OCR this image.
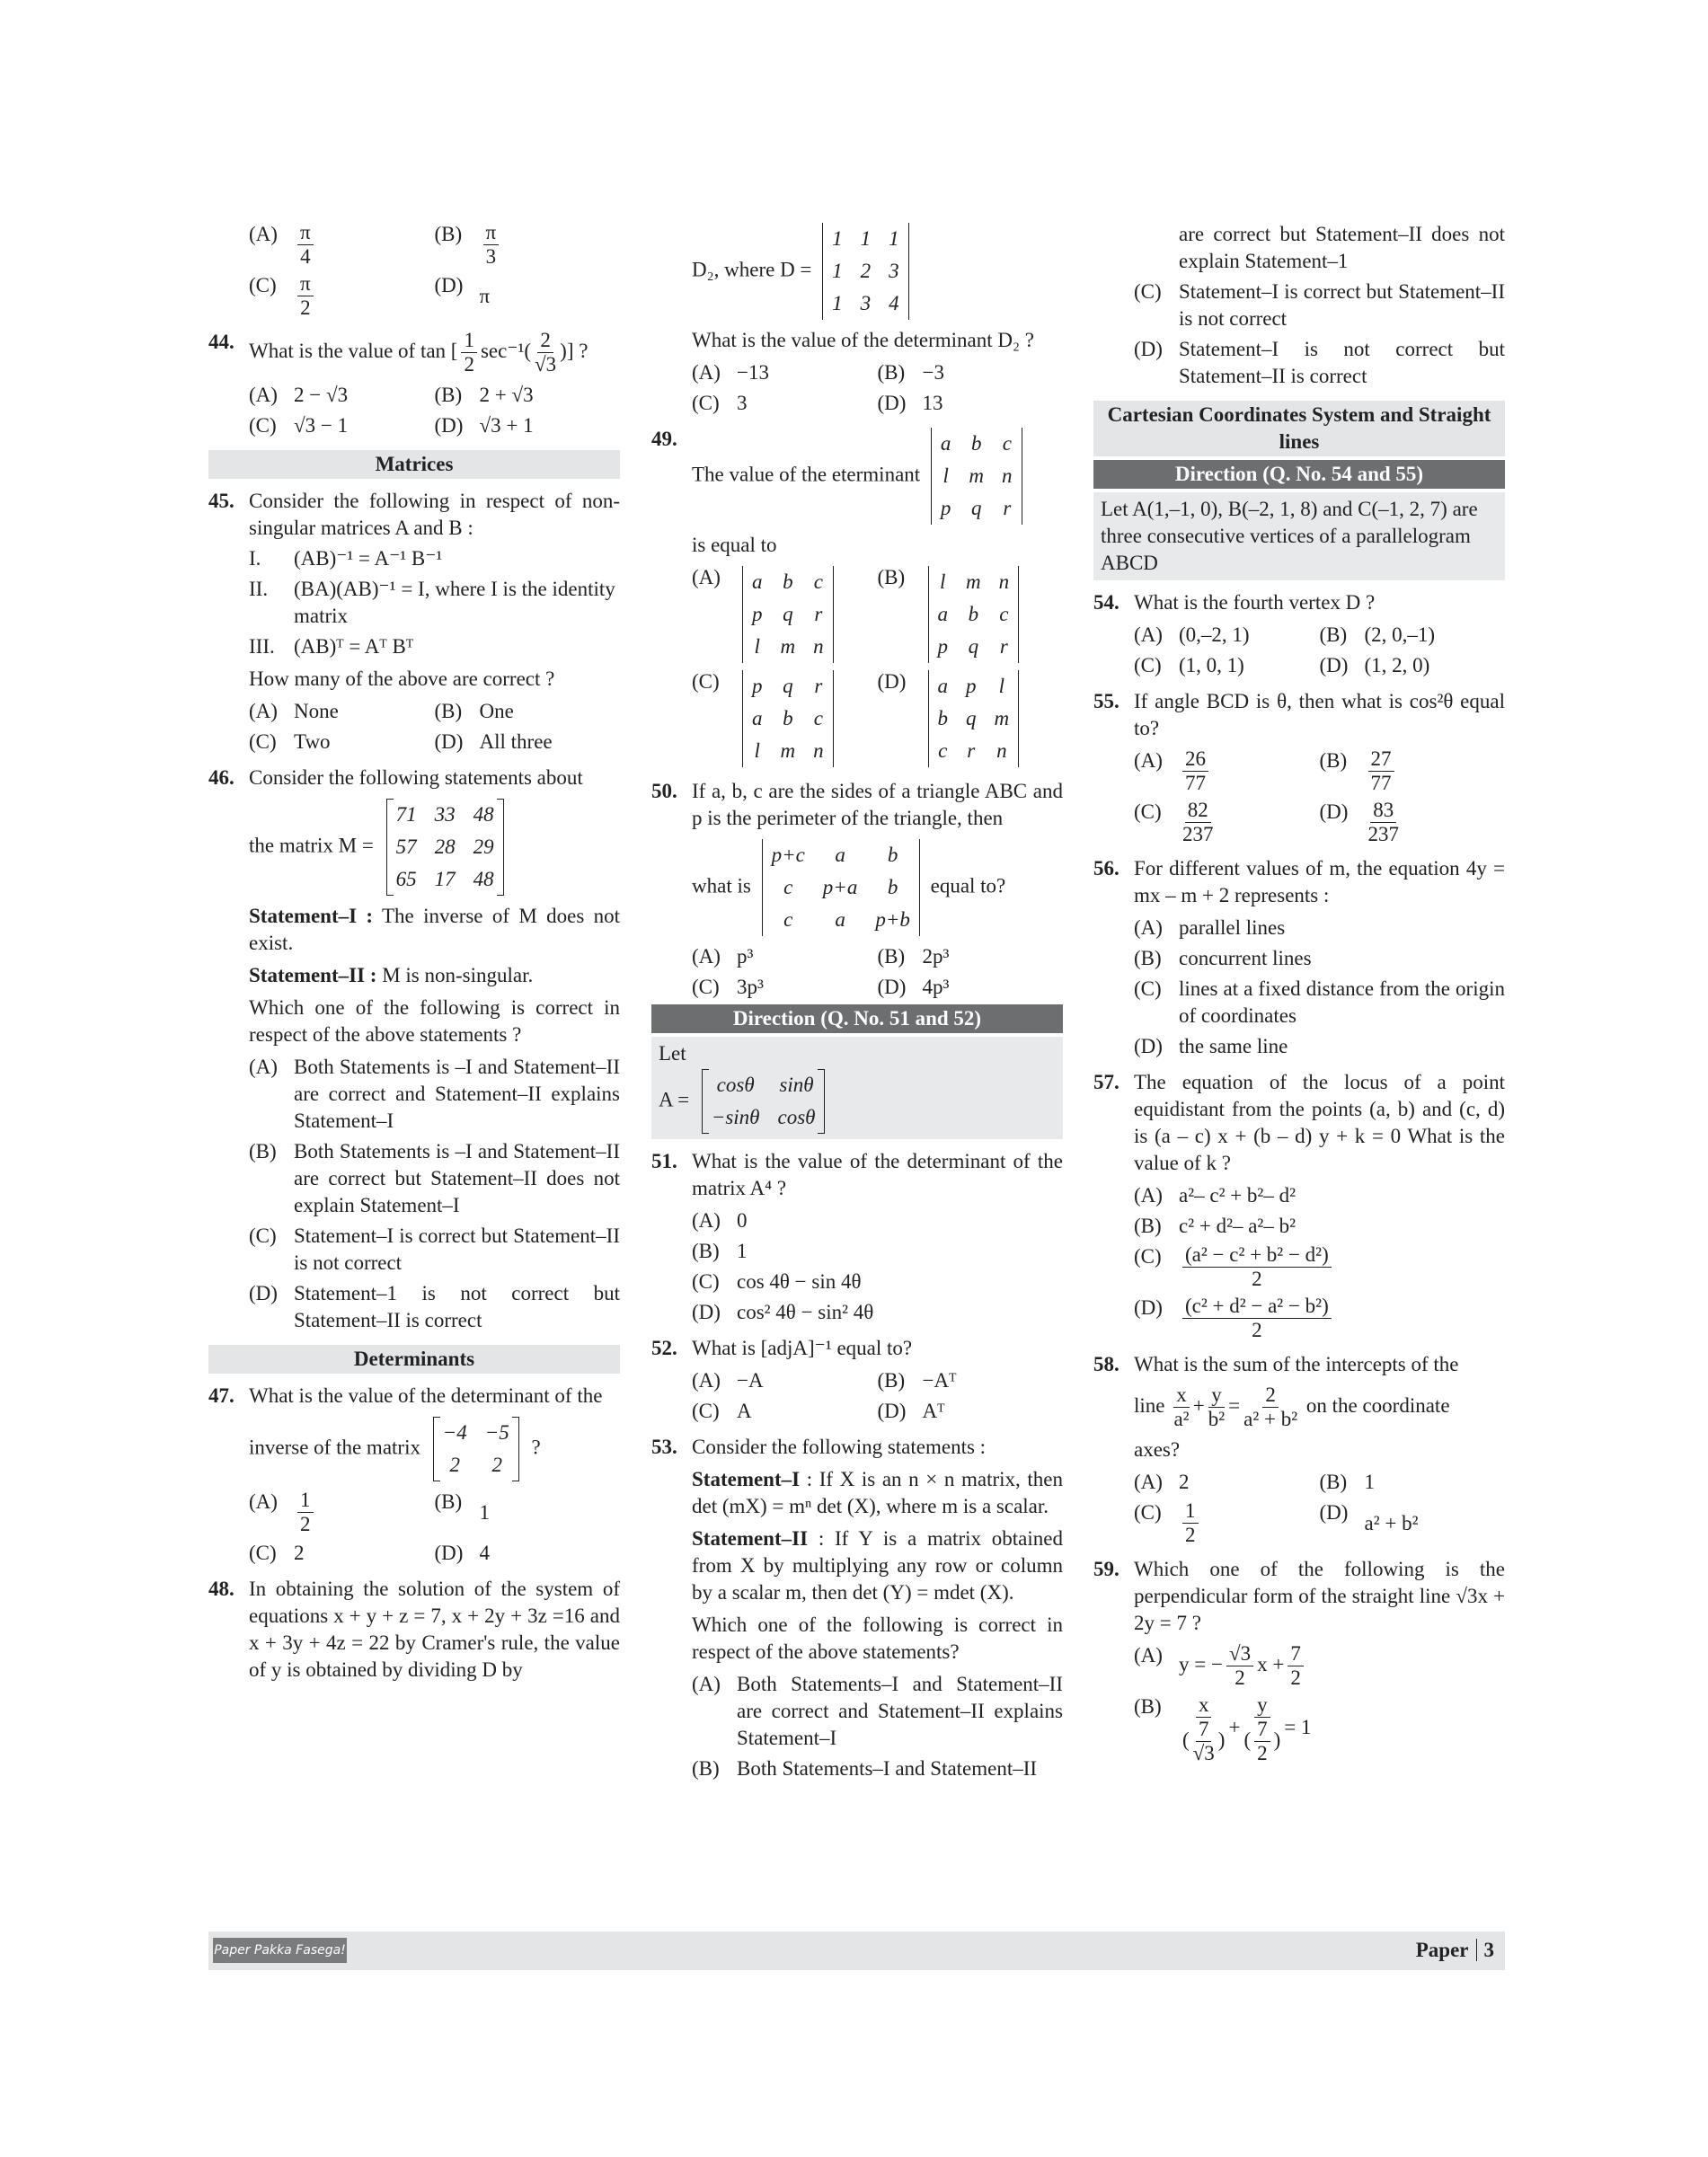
$(A) \frac{\pi}{4}$	(B)	$\frac{\pi}{3}$
(C)	$\frac{\pi}{2}$	(D) π
44. What is the value of tan [ $\frac{1}{2} \sec^{-1}( \frac{2}{√3}$ )] ?
(A) 2 − √3	(B) 2 + √3
(C) √3 − 1	(D) √3 + 1
Matrices
45. Consider the following in respect of non-singular matrices A and B :
I.	(AB)⁻¹ = A⁻¹ B⁻¹
II.	(BA)(AB)⁻¹ = I, where I is the identity matrix
III. (AB)ᵀ = Aᵀ Bᵀ
How many of the above are correct ?
(A) None	(B) One
(C) Two	(D) All three
46. Consider the following statements about
the matrix M =
71	33	48
57	28	29
65	17	48
Statement–I : The inverse of M does not exist.
Statement–II : M is non-singular.
Which one of the following is correct in respect of the above statements ?
(A) Both Statements is –I and Statement–II are correct and Statement–II explains Statement–I
(B) Both Statements is –I and Statement–II are correct but Statement–II does not explain Statement–I
(C) Statement–I is correct but Statement–II is not correct
(D) Statement–1 is not correct but Statement–II is correct
Determinants
47. What is the value of the determinant of the
inverse of the matrix
−4	−5
2	2
?
$(A) \frac{1}{2}$	(B) 1
(C) 2	(D) 4
48. In obtaining the solution of the system of equations x + y + z = 7, x + 2y + 3z =16 and x + 3y + 4z = 22 by Cramer's rule, the value of y is obtained by dividing D by
D₂, where D =
1	1	1
1	2	3
1	3	4
What is the value of the determinant D₂ ?
(A) −13	(B) −3
(C) 3	(D) 13
49.
The value of the eterminant
a	b	c
l	m	n
p	q	r
is equal to
(A)	a	b	c
p	q	r
l	m	n
(B)	l	m	n
a	b	c
p	q	r
(C)	p	q	r
a	b	c
l	m	n
(D)	a	p	l
b	q	m
c	r	n
50. If a, b, c are the sides of a triangle ABC and p is the perimeter of the triangle, then
what is
p+c	a	b
c	p+a	b
c	a	p+b
equal to?
(A) p³	(B) 2p³
(C) 3p³	(D) 4p³
Direction (Q. No. 51 and 52)
Let
A =
cosθ	sinθ
−sinθ	cosθ
51. What is the value of the determinant of the matrix A⁴ ?
(A) 0
(B) 1
(C) cos 4θ − sin 4θ
(D) cos² 4θ − sin² 4θ
52. What is [adjA]⁻¹ equal to?
(A) −A	(B) −Aᵀ
(C) A	(D) Aᵀ
53. Consider the following statements :
Statement–I : If X is an n × n matrix, then det (mX) = mⁿ det (X), where m is a scalar.
Statement–II : If Y is a matrix obtained from X by multiplying any row or column by a scalar m, then det (Y) = mdet (X).
Which one of the following is correct in respect of the above statements?
(A) Both Statements–I and Statement–II are correct and Statement–II explains Statement–I
(B) Both Statements–I and Statement–II
are correct but Statement–II does not explain Statement–1
(C) Statement–I is correct but Statement–II is not correct
(D) Statement–I is not correct but Statement–II is correct
Cartesian Coordinates System and Straight lines
Direction (Q. No. 54 and 55)
Let A(1,–1, 0), B(–2, 1, 8) and C(–1, 2, 7) are three consecutive vertices of a parallelogram ABCD
54. What is the fourth vertex D ?
(A) (0,–2, 1)	(B) (2, 0,–1)
(C) (1, 0, 1)	(D) (1, 2, 0)
55. If angle BCD is θ, then what is cos²θ equal to?
$(A) \frac{26}{77}$	(B)	$\frac{27}{77}$
(C)	$\frac{82}{237}$	$(D) \frac{83}{237}$
56. For different values of m, the equation 4y = mx – m + 2 represents :
(A) parallel lines
(B) concurrent lines
(C) lines at a fixed distance from the origin of coordinates
(D) the same line
57. The equation of the locus of a point equidistant from the points (a, b) and (c, d) is (a – c) x + (b – d) y + k = 0 What is the value of k ?
(A) a²– c² + b²– d²
(B) c² + d²– a²– b²
(C)	$\frac{\text{(a² − c² + b² − d²)}}{2}$
$(D) \frac{\text{(c² + d² − a² − b²)}}{2}$
58. What is the sum of the intercepts of the
line $\frac{x}{\text{a²}} + \frac{y}{\text{b²}} = \frac{2}{\text{a² + b²}}$ on the coordinate
axes?
(A) 2	(B) 1
(C)	$\frac{1}{2}$	(D) a² + b²
59. Which one of the following is the perpendicular form of the straight line √3x + 2y = 7 ?
(A) y = − $\frac{√3}{2}$ $x + \frac{7}{2}$
(B)	$\frac{x}{( \frac{7}{√3} )} + \frac{y}{( \frac{7}{2} )} = 1$
Paper Pakka Fasega!	Paper 3
